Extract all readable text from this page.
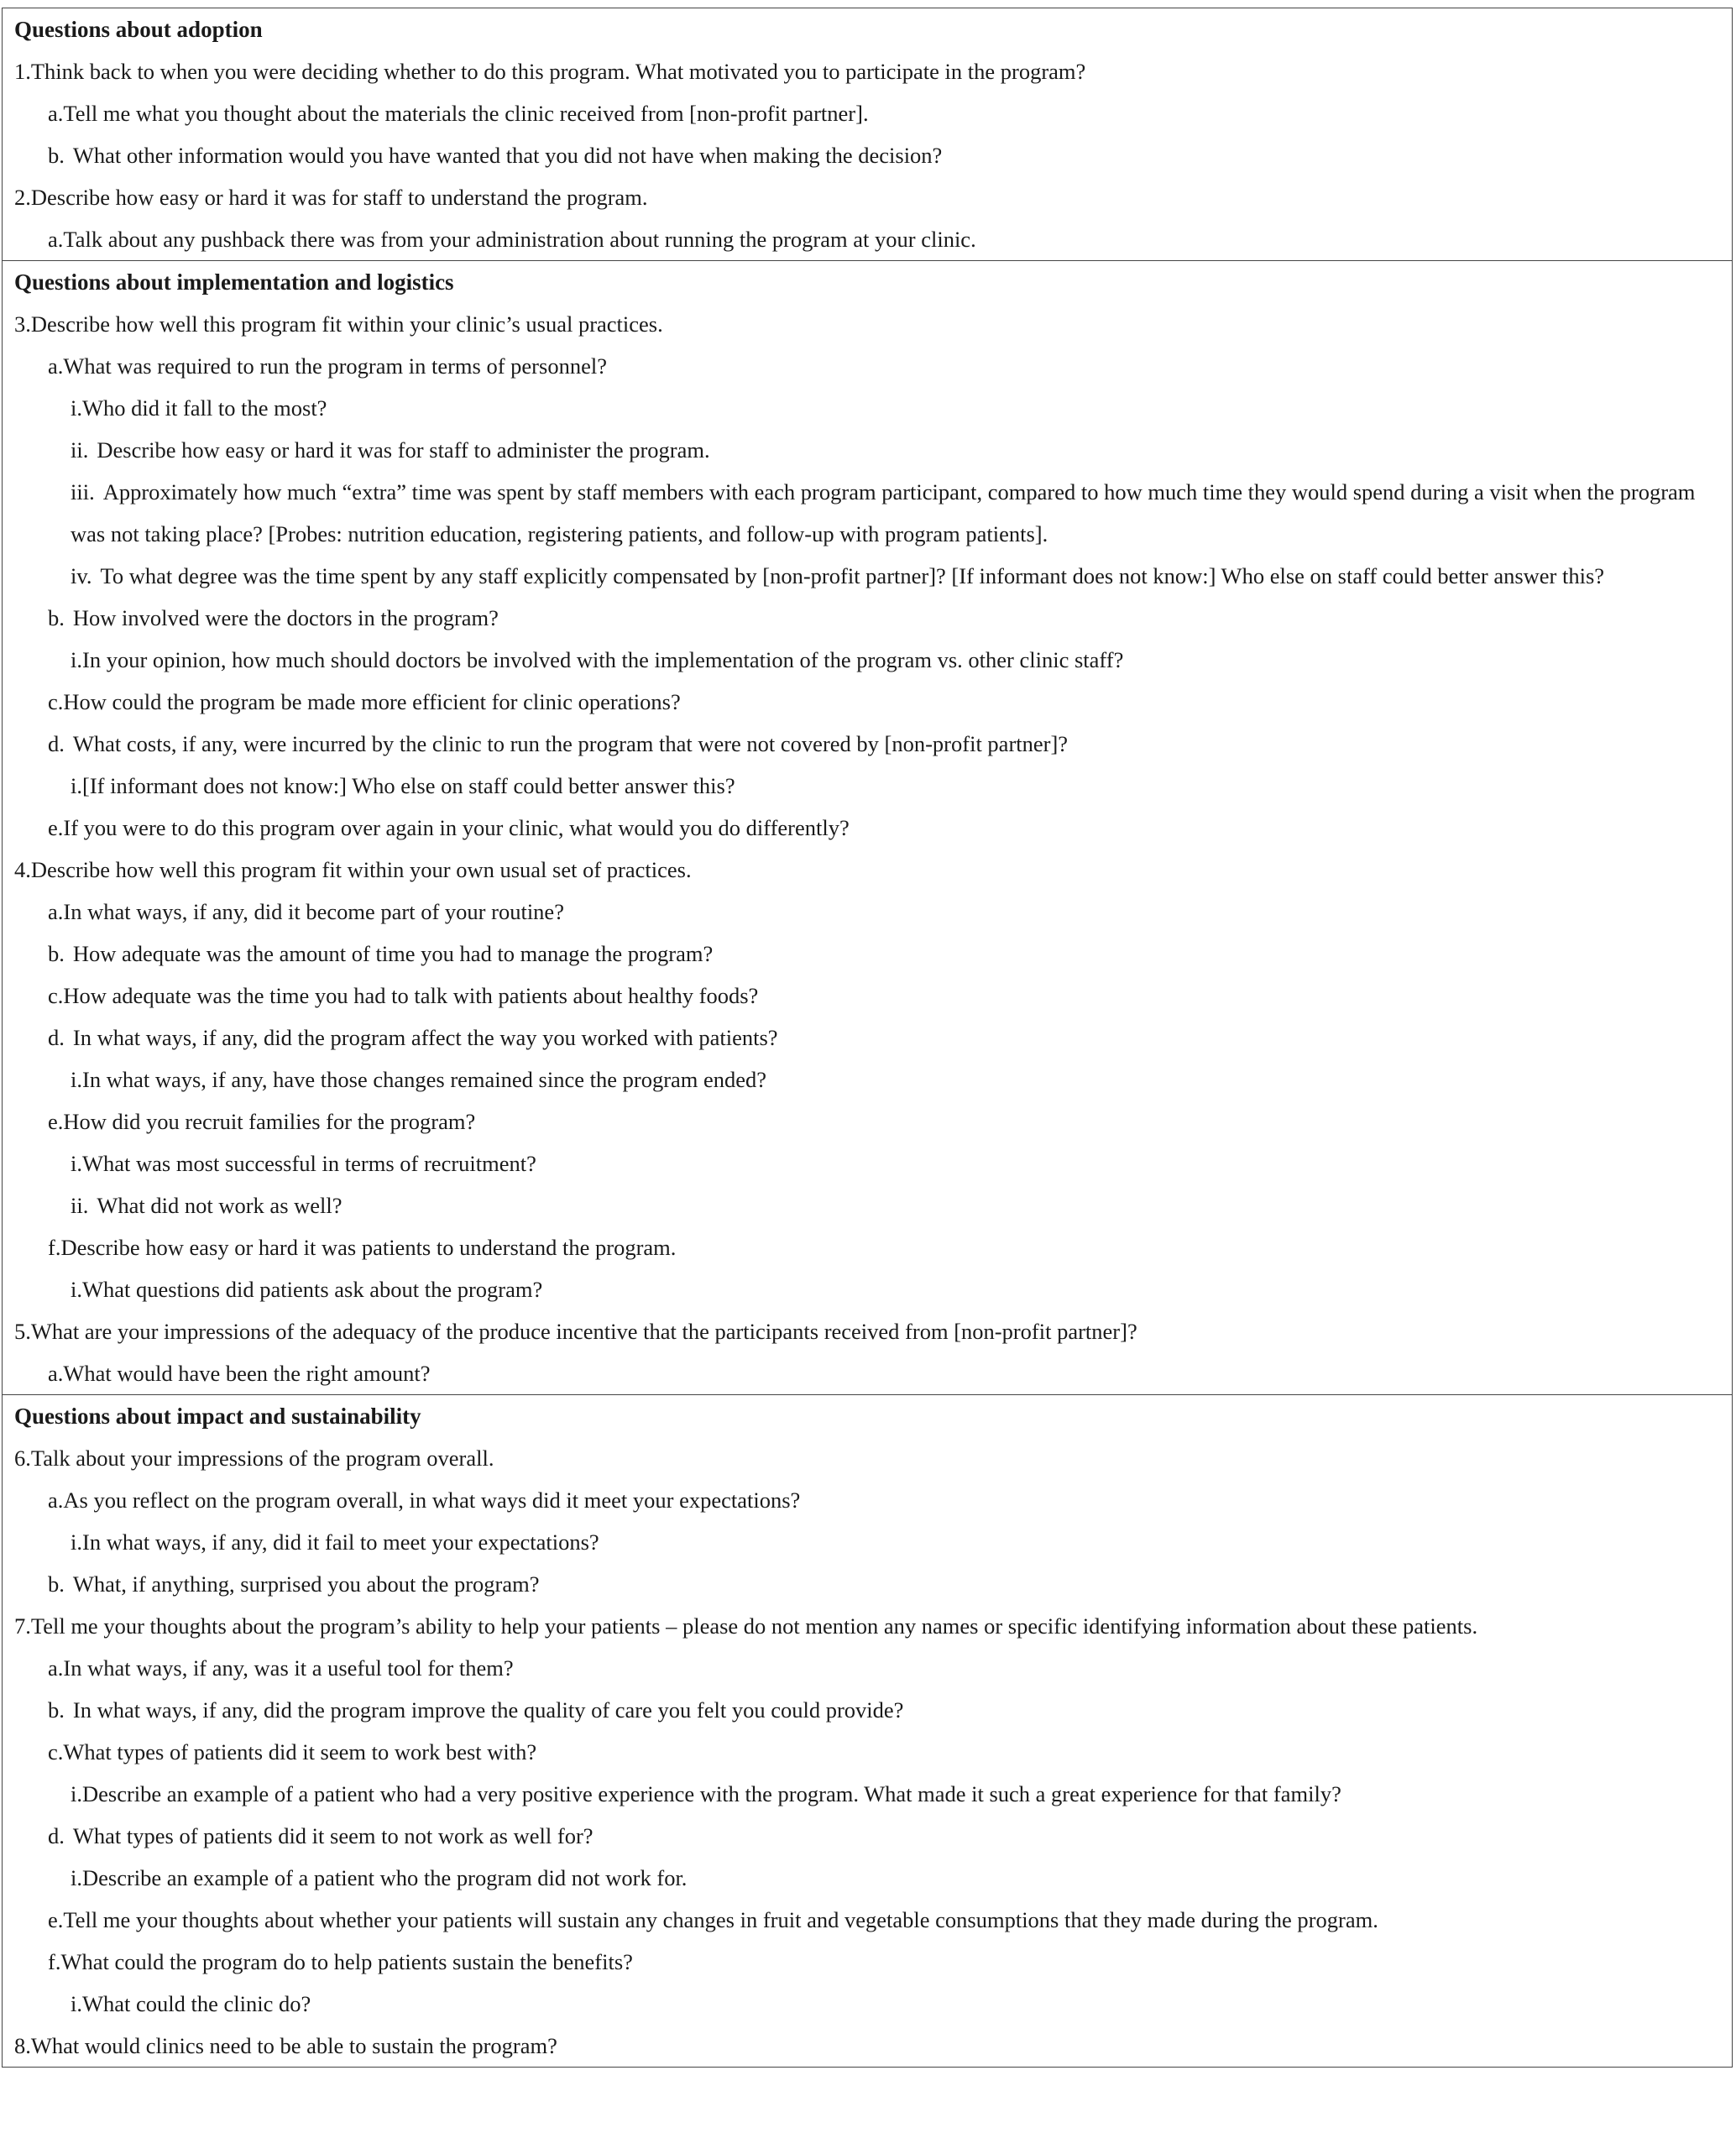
Questions about adoption
1.Think back to when you were deciding whether to do this program. What motivated you to participate in the program?
a.Tell me what you thought about the materials the clinic received from [non-profit partner].
b. What other information would you have wanted that you did not have when making the decision?
2.Describe how easy or hard it was for staff to understand the program.
a.Talk about any pushback there was from your administration about running the program at your clinic.

Questions about implementation and logistics
3.Describe how well this program fit within your clinic’s usual practices.
a.What was required to run the program in terms of personnel?
i.Who did it fall to the most?
ii. Describe how easy or hard it was for staff to administer the program.
iii. Approximately how much “extra” time was spent by staff members with each program participant, compared to how much time they would spend during a visit when the program was not taking place? [Probes: nutrition education, registering patients, and follow-up with program patients].
iv. To what degree was the time spent by any staff explicitly compensated by [non-profit partner]? [If informant does not know:] Who else on staff could better answer this?
b. How involved were the doctors in the program?
i.In your opinion, how much should doctors be involved with the implementation of the program vs. other clinic staff?
c.How could the program be made more efficient for clinic operations?
d. What costs, if any, were incurred by the clinic to run the program that were not covered by [non-profit partner]?
i.[If informant does not know:] Who else on staff could better answer this?
e.If you were to do this program over again in your clinic, what would you do differently?
4.Describe how well this program fit within your own usual set of practices.
a.In what ways, if any, did it become part of your routine?
b. How adequate was the amount of time you had to manage the program?
c.How adequate was the time you had to talk with patients about healthy foods?
d. In what ways, if any, did the program affect the way you worked with patients?
i.In what ways, if any, have those changes remained since the program ended?
e.How did you recruit families for the program?
i.What was most successful in terms of recruitment?
ii. What did not work as well?
f.Describe how easy or hard it was patients to understand the program.
i.What questions did patients ask about the program?
5.What are your impressions of the adequacy of the produce incentive that the participants received from [non-profit partner]?
a.What would have been the right amount?

Questions about impact and sustainability
6.Talk about your impressions of the program overall.
a.As you reflect on the program overall, in what ways did it meet your expectations?
i.In what ways, if any, did it fail to meet your expectations?
b. What, if anything, surprised you about the program?
7.Tell me your thoughts about the program’s ability to help your patients – please do not mention any names or specific identifying information about these patients.
a.In what ways, if any, was it a useful tool for them?
b. In what ways, if any, did the program improve the quality of care you felt you could provide?
c.What types of patients did it seem to work best with?
i.Describe an example of a patient who had a very positive experience with the program. What made it such a great experience for that family?
d. What types of patients did it seem to not work as well for?
i.Describe an example of a patient who the program did not work for.
e.Tell me your thoughts about whether your patients will sustain any changes in fruit and vegetable consumptions that they made during the program.
f.What could the program do to help patients sustain the benefits?
i.What could the clinic do?
8.What would clinics need to be able to sustain the program?
